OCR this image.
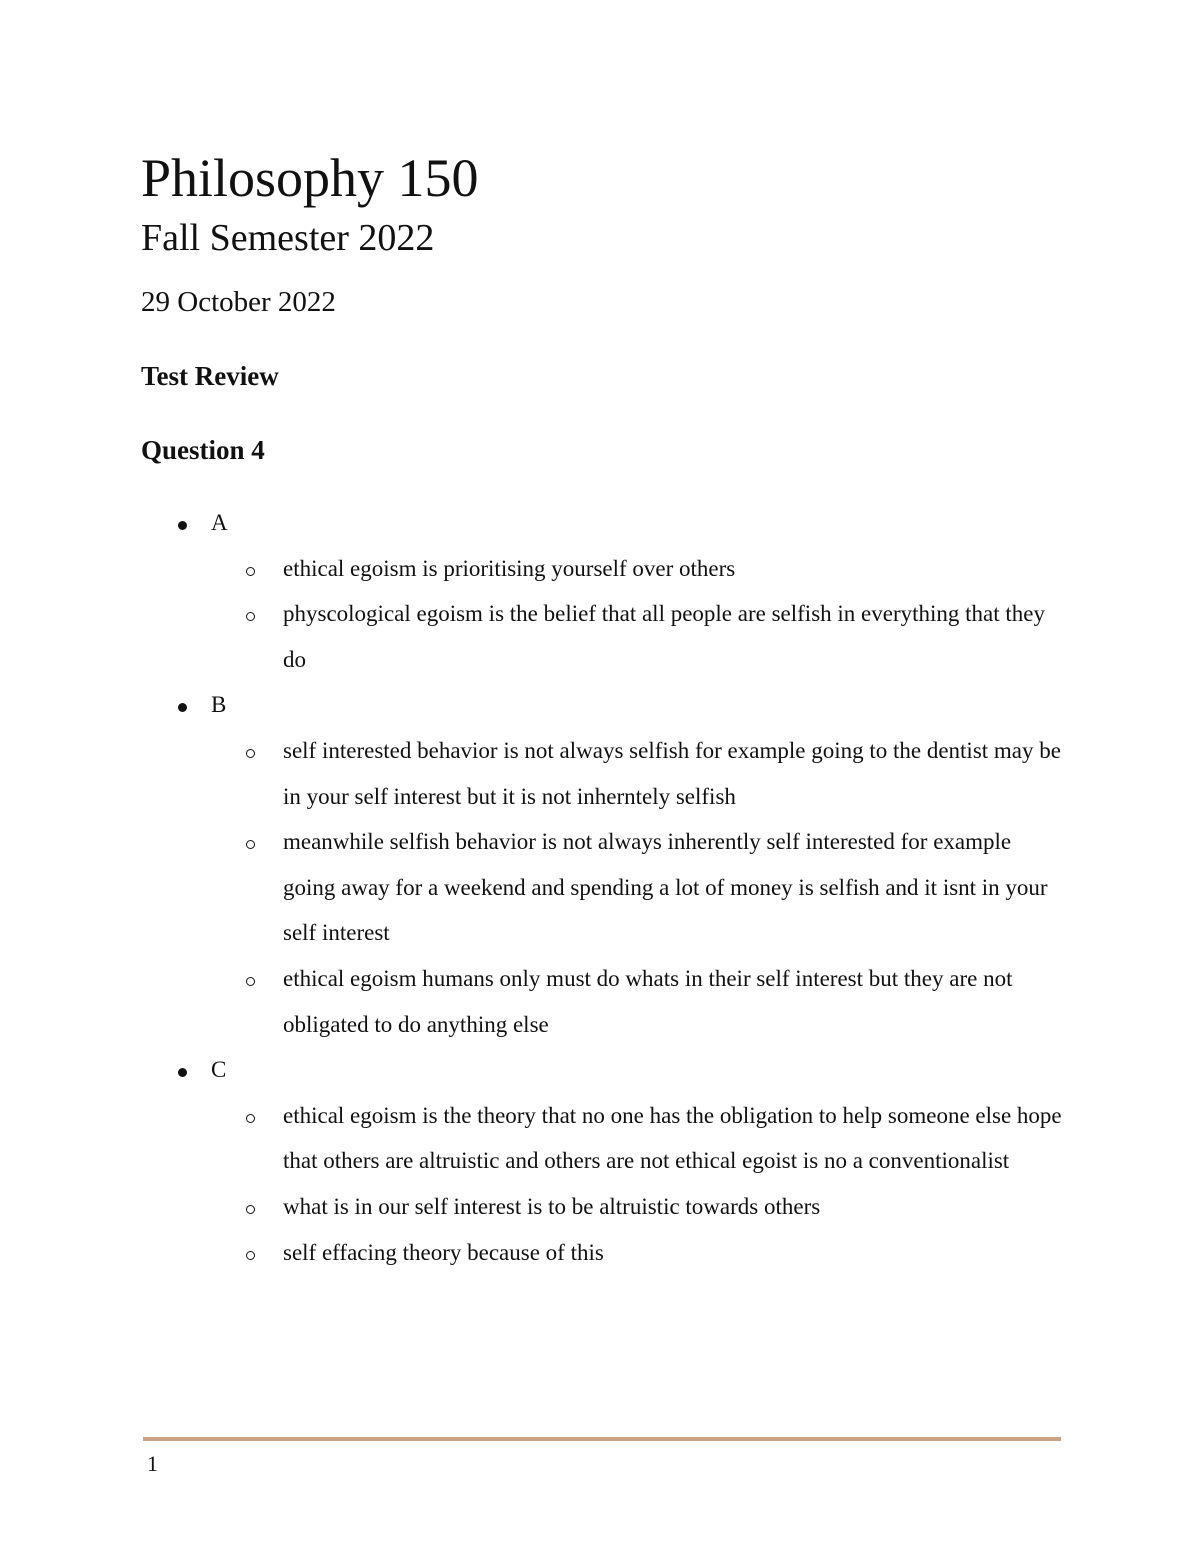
Philosophy 150
Fall Semester 2022
29 October 2022
Test Review
Question 4
A
ethical egoism is prioritising yourself over others
physcological egoism is the belief that all people are selfish in everything that they do
B
self interested behavior is not always selfish for example going to the dentist may be in your self interest but it is not inherntely selfish
meanwhile selfish behavior is not always inherently self interested for example going away for a weekend and spending a lot of money is selfish and it isnt in your self interest
ethical egoism humans only must do whats in their self interest but they are not obligated to do anything else
C
ethical egoism is the theory that no one has the obligation to help someone else hope that others are altruistic and others are not ethical egoist is no a conventionalist
what is in our self interest is to be altruistic towards others
self effacing theory because of this
1
